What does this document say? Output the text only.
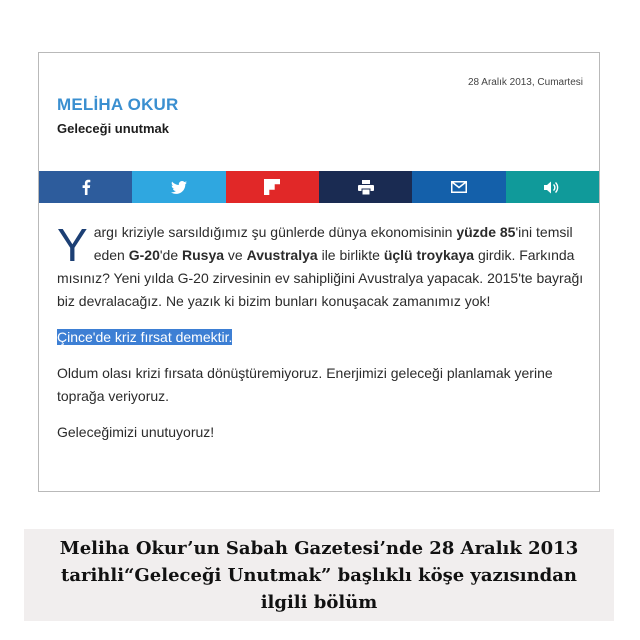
28 Aralık 2013, Cumartesi
MELİHA OKUR
Geleceği unutmak

Yargı kriziyle sarsıldığımız şu günlerde dünya ekonomisinin yüzde 85'ini temsil eden G-20'de Rusya ve Avustralya ile birlikte üçlü troykaya girdik. Farkında mısınız? Yeni yılda G-20 zirvesinin ev sahipliğini Avustralya yapacak. 2015'te bayrağı biz devralacağız. Ne yazık ki bizim bunları konuşacak zamanımız yok!

Çince'de kriz fırsat demektir.

Oldum olası krizi fırsata dönüştüremiyoruz. Enerjimizi geleceği planlamak yerine toprağa veriyoruz.

Geleceğimizi unutuyoruz!

Meliha Okur’un Sabah Gazetesi’nde 28 Aralık 2013 tarihli“Geleceği Unutmak” başlıklı köşe yazısından ilgili bölüm
